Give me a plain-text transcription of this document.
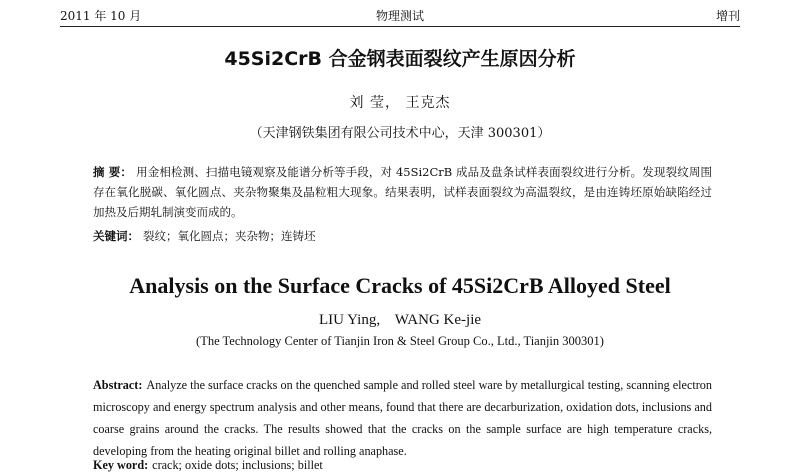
2011 年 10 月	物理测试	增刊
45Si2CrB 合金钢表面裂纹产生原因分析
刘 莹， 王克杰
（天津钢铁集团有限公司技术中心，天津 300301）
摘 要： 用金相检测、扫描电镜观察及能谱分析等手段，对 45Si2CrB 成品及盘条试样表面裂纹进行分析。发现裂纹周围存在氧化脱碳、氧化圆点、夹杂物聚集及晶粒粗大现象。结果表明，试样表面裂纹为高温裂纹，是由连铸坯原始缺陷经过加热及后期轧制演变而成的。
关键词： 裂纹；氧化圆点；夹杂物；连铸坯
Analysis on the Surface Cracks of 45Si2CrB Alloyed Steel
LIU Ying,    WANG Ke-jie
(The Technology Center of Tianjin Iron & Steel Group Co., Ltd., Tianjin 300301)
Abstract: Analyze the surface cracks on the quenched sample and rolled steel ware by metallurgical testing, scanning electron microscopy and energy spectrum analysis and other means, found that there are decarburization, oxidation dots, inclusions and coarse grains around the cracks. The results showed that the cracks on the sample surface are high temperature cracks, developing from the heating original billet and rolling anaphase.
Key word: crack; oxide dots; inclusions; billet
